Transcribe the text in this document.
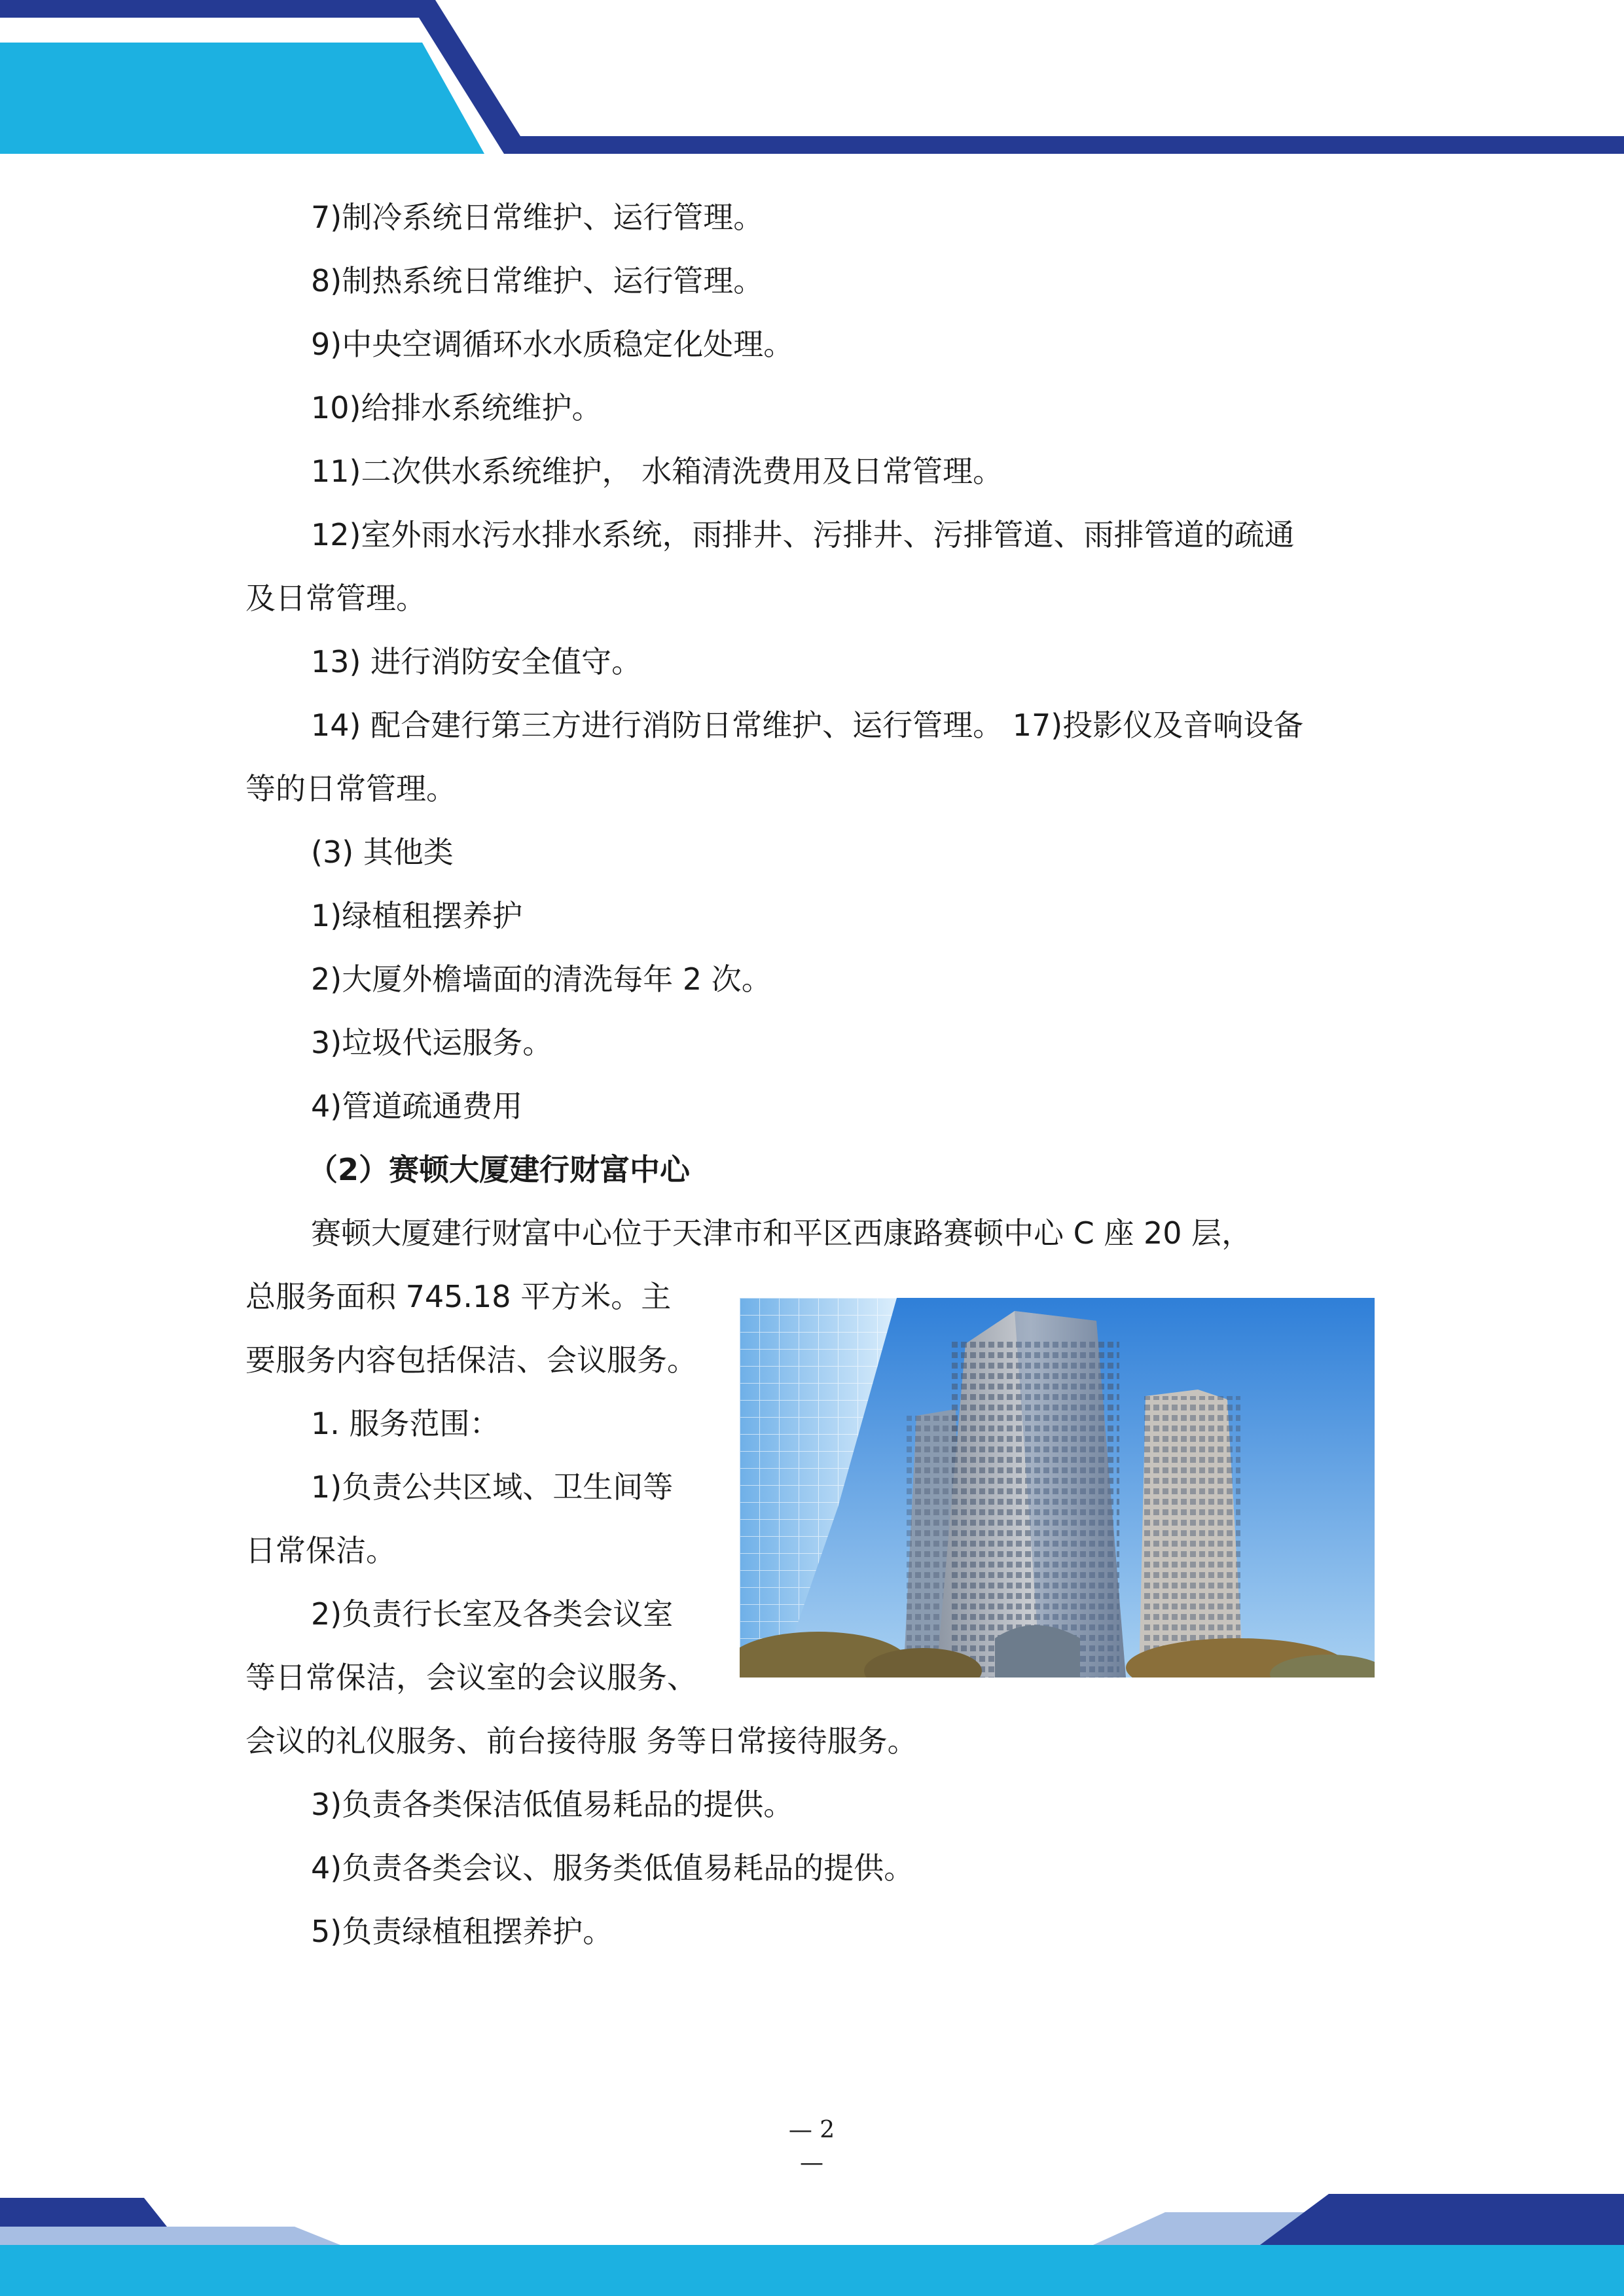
7)制冷系统日常维护、运行管理。

8)制热系统日常维护、运行管理。

9)中央空调循环水水质稳定化处理。

10)给排水系统维护。

11)二次供水系统维护， 水箱清洗费用及日常管理。

12)室外雨水污水排水系统，雨排井、污排井、污排管道、雨排管道的疏通

及日常管理。

13) 进行消防安全值守。

14) 配合建行第三方进行消防日常维护、运行管理。 17)投影仪及音响设备

等的日常管理。

(3) 其他类

1)绿植租摆养护

2)大厦外檐墙面的清洗每年 2 次。

3)垃圾代运服务。

4)管道疏通费用

（2）赛顿大厦建行财富中心

赛顿大厦建行财富中心位于天津市和平区西康路赛顿中心 C 座 20 层，

总服务面积 745.18 平方米。主

要服务内容包括保洁、会议服务。

1. 服务范围：

1)负责公共区域、卫生间等

日常保洁。

2)负责行长室及各类会议室

等日常保洁，会议室的会议服务、

会议的礼仪服务、前台接待服 务等日常接待服务。

3)负责各类保洁低值易耗品的提供。

4)负责各类会议、服务类低值易耗品的提供。

5)负责绿植租摆养护。

— 2 —
